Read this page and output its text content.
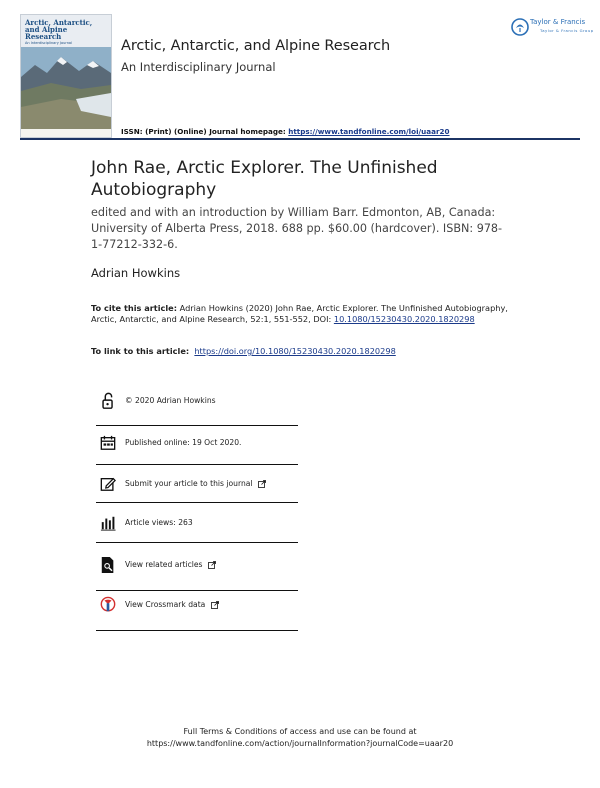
Arctic, Antarctic, and Alpine Research
An Interdisciplinary Journal	Arctic, Antarctic, and Alpine Research
An Interdisciplinary Journal
ISSN: (Print) (Online) Journal homepage: https://www.tandfonline.com/loi/uaar20
Taylor & Francis
Taylor & Francis Group
John Rae, Arctic Explorer. The Unfinished Autobiography
edited and with an introduction by William Barr. Edmonton, AB, Canada: University of Alberta Press, 2018. 688 pp. $60.00 (hardcover). ISBN: 978-1-77212-332-6.
Adrian Howkins
To cite this article: Adrian Howkins (2020) John Rae, Arctic Explorer. The Unfinished Autobiography, Arctic, Antarctic, and Alpine Research, 52:1, 551-552, DOI: 10.1080/15230430.2020.1820298
To link to this article: https://doi.org/10.1080/15230430.2020.1820298
© 2020 Adrian Howkins
Published online: 19 Oct 2020.
Submit your article to this journal
Article views: 263
View related articles
View Crossmark data
Full Terms & Conditions of access and use can be found at
https://www.tandfonline.com/action/journalInformation?journalCode=uaar20
